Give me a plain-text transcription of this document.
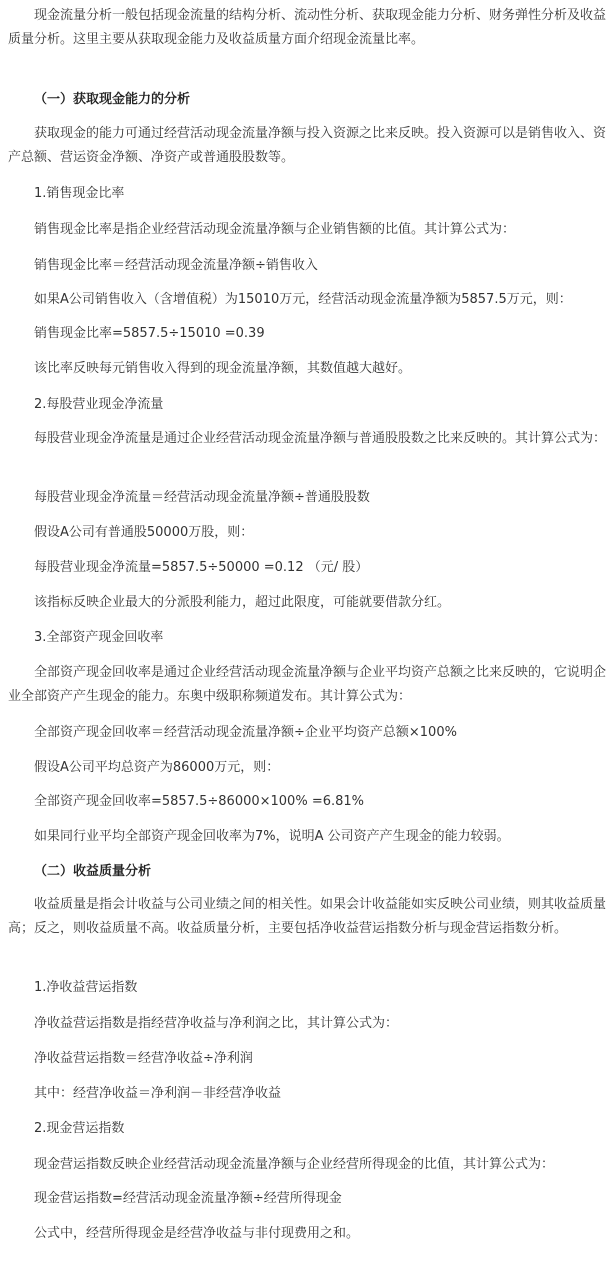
现金流量分析一般包括现金流量的结构分析、流动性分析、获取现金能力分析、财务弹性分析及收益质量分析。这里主要从获取现金能力及收益质量方面介绍现金流量比率。

（一）获取现金能力的分析

获取现金的能力可通过经营活动现金流量净额与投入资源之比来反映。投入资源可以是销售收入、资产总额、营运资金净额、净资产或普通股股数等。

1.销售现金比率

销售现金比率是指企业经营活动现金流量净额与企业销售额的比值。其计算公式为：

销售现金比率＝经营活动现金流量净额÷销售收入

如果A公司销售收入（含增值税）为15010万元，经营活动现金流量净额为5857.5万元，则：

销售现金比率=5857.5÷15010 =0.39

该比率反映每元销售收入得到的现金流量净额，其数值越大越好。

2.每股营业现金净流量

每股营业现金净流量是通过企业经营活动现金流量净额与普通股股数之比来反映的。其计算公式为：

每股营业现金净流量＝经营活动现金流量净额÷普通股股数

假设A公司有普通股50000万股，则：

每股营业现金净流量=5857.5÷50000 =0.12 （元/ 股）

该指标反映企业最大的分派股利能力，超过此限度，可能就要借款分红。

3.全部资产现金回收率

全部资产现金回收率是通过企业经营活动现金流量净额与企业平均资产总额之比来反映的，它说明企业全部资产产生现金的能力。东奥中级职称频道发布。其计算公式为：

全部资产现金回收率＝经营活动现金流量净额÷企业平均资产总额×100%

假设A公司平均总资产为86000万元，则：

全部资产现金回收率=5857.5÷86000×100% =6.81%

如果同行业平均全部资产现金回收率为7%，说明A 公司资产产生现金的能力较弱。

（二）收益质量分析

收益质量是指会计收益与公司业绩之间的相关性。如果会计收益能如实反映公司业绩，则其收益质量高；反之，则收益质量不高。收益质量分析，主要包括净收益营运指数分析与现金营运指数分析。

1.净收益营运指数

净收益营运指数是指经营净收益与净利润之比，其计算公式为：

净收益营运指数＝经营净收益÷净利润

其中：经营净收益＝净利润－非经营净收益

2.现金营运指数

现金营运指数反映企业经营活动现金流量净额与企业经营所得现金的比值，其计算公式为：

现金营运指数=经营活动现金流量净额÷经营所得现金

公式中，经营所得现金是经营净收益与非付现费用之和。
